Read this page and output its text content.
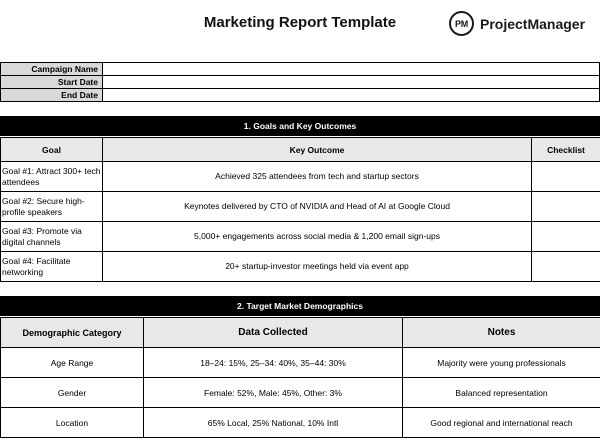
Marketing Report Template	PM ProjectManager
Campaign Name	
Start Date	
End Date	
1. Goals and Key Outcomes
Goal	Key Outcome	Checklist
Goal #1: Attract 300+ tech attendees	Achieved 325 attendees from tech and startup sectors	
Goal #2: Secure high-profile speakers	Keynotes delivered by CTO of NVIDIA and Head of AI at Google Cloud	
Goal #3: Promote via digital channels	5,000+ engagements across social media & 1,200 email sign-ups	
Goal #4: Facilitate networking	20+ startup-investor meetings held via event app	
2. Target Market Demographics
Demographic Category	Data Collected	Notes
Age Range	18–24: 15%, 25–34: 40%, 35–44: 30%	Majority were young professionals
Gender	Female: 52%, Male: 45%, Other: 3%	Balanced representation
Location	65% Local, 25% National, 10% Intl	Good regional and international reach
